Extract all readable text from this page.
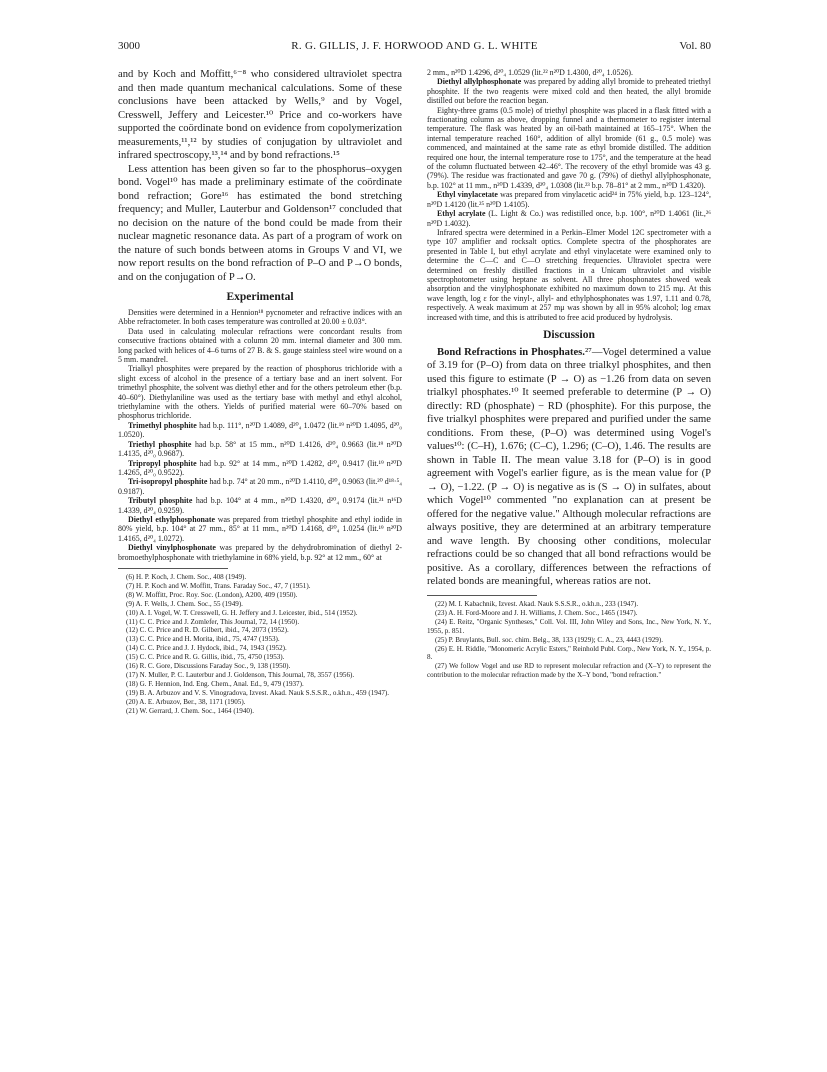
3000	R. G. GILLIS, J. F. HORWOOD AND G. L. WHITE	Vol. 80

and by Koch and Moffitt,⁶⁻⁸ who considered ultraviolet spectra and then made quantum mechanical calculations. Some of these conclusions have been attacked by Wells,⁹ and by Vogel, Cresswell, Jeffery and Leicester.¹⁰ Price and co-workers have supported the coördinate bond on evidence from copolymerization measurements,¹¹,¹² by studies of conjugation by ultraviolet and infrared spectroscopy,¹³,¹⁴ and by bond refractions.¹⁵

Less attention has been given so far to the phosphorus–oxygen bond. Vogel¹⁰ has made a preliminary estimate of the coördinate bond refraction; Gore¹⁶ has estimated the bond stretching frequency; and Muller, Lauterbur and Goldenson¹⁷ concluded that no decision on the nature of the bond could be made from their nuclear magnetic resonance data. As part of a program of work on the nature of such bonds between atoms in Groups V and VI, we now report results on the bond refraction of P–O and P→O bonds, and on the conjugation of P→O.

Experimental

Densities were determined in a Hennion¹⁸ pycnometer and refractive indices with an Abbe refractometer. In both cases temperature was controlled at 20.00 ± 0.03°.

Data used in calculating molecular refractions were concordant results from consecutive fractions obtained with a column 20 mm. internal diameter and 300 mm. long packed with helices of 4–6 turns of 27 B. & S. gauge stainless steel wire wound on a 5 mm. mandrel.

Trialkyl phosphites were prepared by the reaction of phosphorus trichloride with a slight excess of alcohol in the presence of a tertiary base and an inert solvent. For trimethyl phosphite, the solvent was diethyl ether and for the others petroleum ether (b.p. 40–60°). Diethylaniline was used as the tertiary base with methyl and ethyl alcohol, triethylamine with the others. Yields of purified material were 60–70% based on phosphorus trichloride.

Trimethyl phosphite had b.p. 111°, n²⁰D 1.4089, d²⁰₄ 1.0472 (lit.¹⁹ n²⁰D 1.4095, d²⁰₀ 1.0520).

Triethyl phosphite had b.p. 58° at 15 mm., n²⁰D 1.4126, d²⁰₄ 0.9663 (lit.¹⁹ n²⁰D 1.4135, d²⁰₀ 0.9687).

Tripropyl phosphite had b.p. 92° at 14 mm., n²⁰D 1.4282, d²⁰₄ 0.9417 (lit.¹⁹ n²⁰D 1.4265, d²⁰₀ 0.9522).

Tri-isopropyl phosphite had b.p. 74° at 20 mm., n²⁰D 1.4110, d²⁰₄ 0.9063 (lit.²⁰ d¹⁸·⁵₄ 0.9187).

Tributyl phosphite had b.p. 104° at 4 mm., n²⁰D 1.4320, d²⁰₄ 0.9174 (lit.²¹ n¹⁶D 1.4339, d²⁰₄ 0.9259).

Diethyl ethylphosphonate was prepared from triethyl phosphite and ethyl iodide in 80% yield, b.p. 104° at 27 mm., 85° at 11 mm., n²⁰D 1.4168, d²⁰₄ 1.0254 (lit.¹⁹ n²⁰D 1.4165, d²⁰₄ 1.0272).

Diethyl vinylphosphonate was prepared by the dehydrobromination of diethyl 2-bromoethylphosphonate with triethylamine in 68% yield, b.p. 92° at 12 mm., 60° at

(6) H. P. Koch, J. Chem. Soc., 408 (1949).

(7) H. P. Koch and W. Moffitt, Trans. Faraday Soc., 47, 7 (1951).

(8) W. Moffitt, Proc. Roy. Soc. (London), A200, 409 (1950).

(9) A. F. Wells, J. Chem. Soc., 55 (1949).

(10) A. I. Vogel, W. T. Cresswell, G. H. Jeffery and J. Leicester, ibid., 514 (1952).

(11) C. C. Price and J. Zomlefer, This Journal, 72, 14 (1950).

(12) C. C. Price and R. D. Gilbert, ibid., 74, 2073 (1952).

(13) C. C. Price and H. Morita, ibid., 75, 4747 (1953).

(14) C. C. Price and J. J. Hydock, ibid., 74, 1943 (1952).

(15) C. C. Price and R. G. Gillis, ibid., 75, 4750 (1953).

(16) R. C. Gore, Discussions Faraday Soc., 9, 138 (1950).

(17) N. Muller, P. C. Lauterbur and J. Goldenson, This Journal, 78, 3557 (1956).

(18) G. F. Hennion, Ind. Eng. Chem., Anal. Ed., 9, 479 (1937).

(19) B. A. Arbuzov and V. S. Vinogradova, Izvest. Akad. Nauk S.S.S.R., o.kh.n., 459 (1947).

(20) A. E. Arbuzov, Ber., 38, 1171 (1905).

(21) W. Gerrard, J. Chem. Soc., 1464 (1940).

2 mm., n²⁰D 1.4296, d²⁰₄ 1.0529 (lit.²² n²⁰D 1.4300, d²⁰₄ 1.0526).

Diethyl allylphosphonate was prepared by adding allyl bromide to preheated triethyl phosphite. If the two reagents were mixed cold and then heated, the allyl bromide distilled out before the reaction began.

Eighty-three grams (0.5 mole) of triethyl phosphite was placed in a flask fitted with a fractionating column as above, dropping funnel and a thermometer to register internal temperature. The flask was heated by an oil-bath maintained at 165–175°. When the internal temperature reached 160°, addition of allyl bromide (61 g., 0.5 mole) was commenced, and maintained at the same rate as ethyl bromide distilled. The addition required one hour, the internal temperature rose to 175°, and the temperature at the head of the column fluctuated between 42–46°. The recovery of the ethyl bromide was 43 g. (79%). The residue was fractionated and gave 70 g. (79%) of diethyl allylphosphonate, b.p. 102° at 11 mm., n²⁰D 1.4339, d²⁰₄ 1.0308 (lit.²³ b.p. 78–81° at 2 mm., n²⁰D 1.4320).

Ethyl vinylacetate was prepared from vinylacetic acid²⁴ in 75% yield, b.p. 123–124°, n²⁰D 1.4120 (lit.²⁵ n²⁰D 1.4105).

Ethyl acrylate (L. Light & Co.) was redistilled once, b.p. 100°, n²⁰D 1.4061 (lit.,²⁶ n²⁰D 1.4032).

Infrared spectra were determined in a Perkin–Elmer Model 12C spectrometer with a type 107 amplifier and rocksalt optics. Complete spectra of the phosphorates are presented in Table I, but ethyl acrylate and ethyl vinylacetate were examined only to determine the C—C and C—O stretching frequencies. Ultraviolet spectra were determined on freshly distilled fractions in a Unicam ultraviolet and visible spectrophotometer using heptane as solvent. All three phosphonates showed weak absorption and the vinylphosphonate exhibited no maximum down to 215 mμ. At this wave length, log ε for the vinyl-, allyl- and ethylphosphonates was 1.97, 1.11 and 0.78, respectively. A weak maximum at 257 mμ was shown by all in 95% alcohol; log εmax increased with time, and this is attributed to free acid produced by hydrolysis.

Discussion

Bond Refractions in Phosphates.²⁷—Vogel determined a value of 3.19 for (P–O) from data on three trialkyl phosphites, and then used this figure to estimate (P → O) as −1.26 from data on seven trialkyl phosphates.¹⁰ It seemed preferable to determine (P → O) directly: RD (phosphate) − RD (phosphite). For this purpose, the five trialkyl phosphites were prepared and purified under the same conditions. From these, (P–O) was determined using Vogel's values¹⁰: (C–H), 1.676; (C–C), 1.296; (C–O), 1.46. The results are shown in Table II. The mean value 3.18 for (P–O) is in good agreement with Vogel's earlier figure, as is the mean value for (P → O), −1.22. (P → O) is negative as is (S → O) in sulfates, about which Vogel¹⁰ commented "no explanation can at present be offered for the negative value." Although molecular refractions are always positive, they are determined at an arbitrary temperature and wave length. By choosing other conditions, molecular refractions could be so changed that all bond refractions would be positive. As a corollary, differences between the refractions of related bonds are meaningful, whereas ratios are not.

(22) M. I. Kabachnik, Izvest. Akad. Nauk S.S.S.R., o.kh.n., 233 (1947).

(23) A. H. Ford-Moore and J. H. Williams, J. Chem. Soc., 1465 (1947).

(24) E. Reitz, "Organic Syntheses," Coll. Vol. III, John Wiley and Sons, Inc., New York, N. Y., 1955, p. 851.

(25) P. Bruylants, Bull. soc. chim. Belg., 38, 133 (1929); C. A., 23, 4443 (1929).

(26) E. H. Riddle, "Monomeric Acrylic Esters," Reinhold Publ. Corp., New York, N. Y., 1954, p. 8.

(27) We follow Vogel and use RD to represent molecular refraction and (X–Y) to represent the contribution to the molecular refraction made by the X–Y bond, "bond refraction."
